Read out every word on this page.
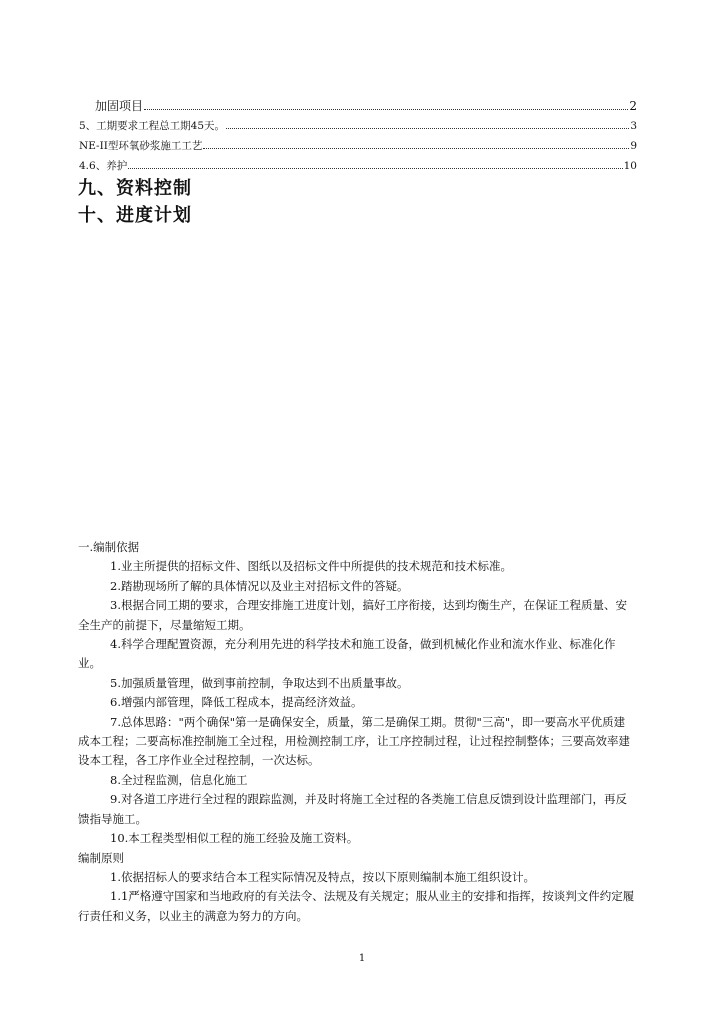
加固项目	2
5、工期要求工程总工期45天。	3
NE-II型环氧砂浆施工工艺	9
4.6、养护	10
九、资料控制
十、进度计划

一.编制依据

1.业主所提供的招标文件、图纸以及招标文件中所提供的技术规范和技术标准。

2.踏勘现场所了解的具体情况以及业主对招标文件的答疑。

3.根据合同工期的要求，合理安排施工进度计划，搞好工序衔接，达到均衡生产，在保证工程质量、安全生产的前提下，尽量缩短工期。

4.科学合理配置资源，充分利用先进的科学技术和施工设备，做到机械化作业和流水作业、标准化作业。

5.加强质量管理，做到事前控制，争取达到不出质量事故。

6.增强内部管理，降低工程成本，提高经济效益。

7.总体思路："两个确保"第一是确保安全，质量，第二是确保工期。贯彻"三高"，即一要高水平优质建成本工程；二要高标准控制施工全过程，用检测控制工序，让工序控制过程，让过程控制整体；三要高效率建设本工程，各工序作业全过程控制，一次达标。

8.全过程监测，信息化施工

9.对各道工序进行全过程的跟踪监测，并及时将施工全过程的各类施工信息反馈到设计监理部门，再反馈指导施工。

10.本工程类型相似工程的施工经验及施工资料。

编制原则

1.依据招标人的要求结合本工程实际情况及特点，按以下原则编制本施工组织设计。

1.1严格遵守国家和当地政府的有关法令、法规及有关规定；服从业主的安排和指挥，按谈判文件约定履行责任和义务，以业主的满意为努力的方向。

1
